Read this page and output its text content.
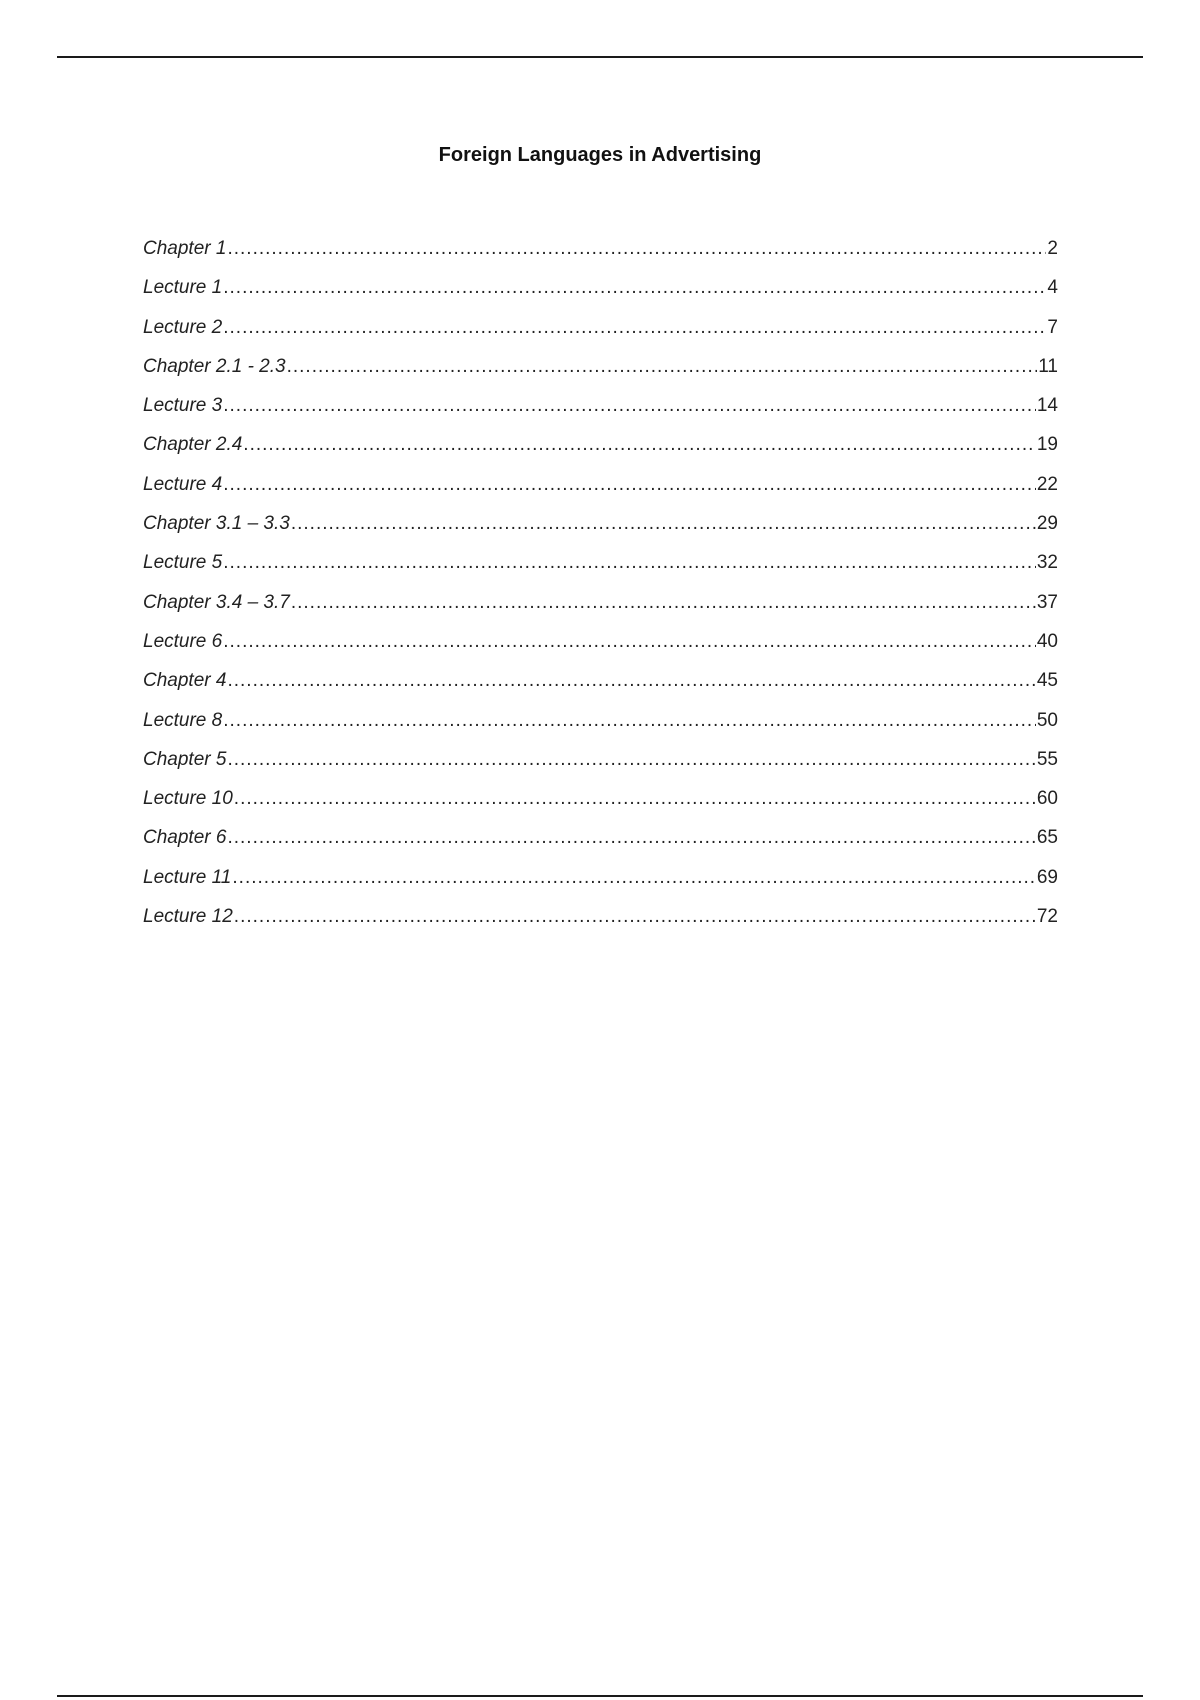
Foreign Languages in Advertising
Chapter 1 .....	2
Lecture 1 .....	4
Lecture 2 .....	7
Chapter 2.1 - 2.3 .....	11
Lecture 3 .....	14
Chapter 2.4 .....	19
Lecture 4 .....	22
Chapter 3.1 – 3.3 .....	29
Lecture 5 .....	32
Chapter 3.4 – 3.7 .....	37
Lecture 6 .....	40
Chapter 4 .....	45
Lecture 8 .....	50
Chapter 5 .....	55
Lecture 10 .....	60
Chapter 6 .....	65
Lecture 11 .....	69
Lecture 12 .....	72
